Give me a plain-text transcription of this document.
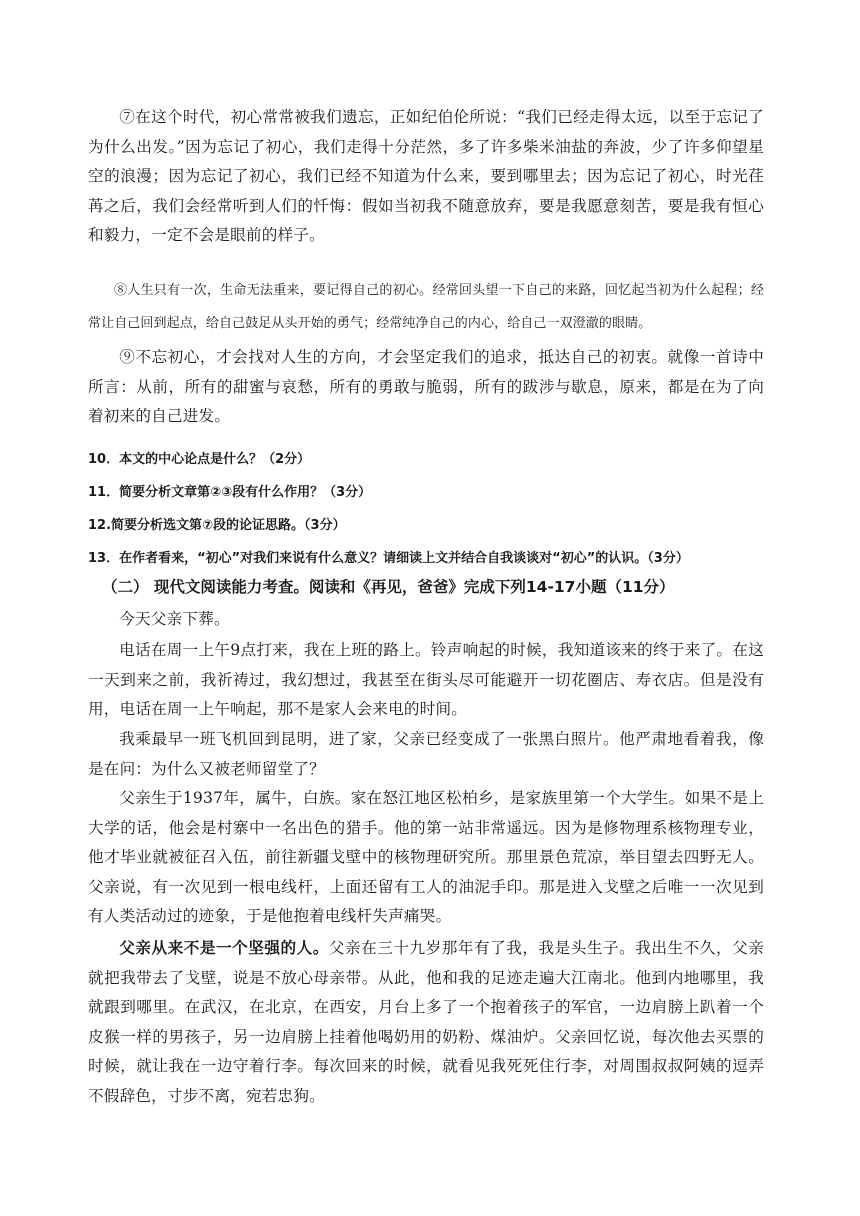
⑦在这个时代，初心常常被我们遗忘，正如纪伯伦所说：“我们已经走得太远，以至于忘记了为什么出发。”因为忘记了初心，我们走得十分茫然，多了许多柴米油盐的奔波，少了许多仰望星空的浪漫；因为忘记了初心，我们已经不知道为什么来，要到哪里去；因为忘记了初心，时光荏苒之后，我们会经常听到人们的忏悔：假如当初我不随意放弃，要是我愿意刻苦，要是我有恒心和毅力，一定不会是眼前的样子。

⑧人生只有一次，生命无法重来，要记得自己的初心。经常回头望一下自己的来路，回忆起当初为什么起程；经常让自己回到起点，给自己鼓足从头开始的勇气；经常纯净自己的内心，给自己一双澄澈的眼睛。

⑨不忘初心，才会找对人生的方向，才会坚定我们的追求，抵达自己的初衷。就像一首诗中所言：从前，所有的甜蜜与哀愁，所有的勇敢与脆弱，所有的跋涉与歇息，原来，都是在为了向着初来的自己进发。

10．本文的中心论点是什么？（2分）

11．简要分析文章第②③段有什么作用？（3分）

12.简要分析选文第⑦段的论证思路。（3分）

13．在作者看来，“初心”对我们来说有什么意义？请细读上文并结合自我谈谈对“初心”的认识。（3分）

（二） 现代文阅读能力考查。阅读和《再见，爸爸》完成下列14-17小题（11分）

今天父亲下葬。

电话在周一上午9点打来，我在上班的路上。铃声响起的时候，我知道该来的终于来了。在这一天到来之前，我祈祷过，我幻想过，我甚至在街头尽可能避开一切花圈店、寿衣店。但是没有用，电话在周一上午响起，那不是家人会来电的时间。

我乘最早一班飞机回到昆明，进了家，父亲已经变成了一张黑白照片。他严肃地看着我，像是在问：为什么又被老师留堂了？

父亲生于1937年，属牛，白族。家在怒江地区松柏乡，是家族里第一个大学生。如果不是上大学的话，他会是村寨中一名出色的猎手。他的第一站非常遥远。因为是修物理系核物理专业，他才毕业就被征召入伍，前往新疆戈壁中的核物理研究所。那里景色荒凉，举目望去四野无人。父亲说，有一次见到一根电线杆，上面还留有工人的油泥手印。那是进入戈壁之后唯一一次见到有人类活动过的迹象，于是他抱着电线杆失声痛哭。

父亲从来不是一个坚强的人。父亲在三十九岁那年有了我，我是头生子。我出生不久，父亲就把我带去了戈壁，说是不放心母亲带。从此，他和我的足迹走遍大江南北。他到内地哪里，我就跟到哪里。在武汉，在北京，在西安，月台上多了一个抱着孩子的军官，一边肩膀上趴着一个皮猴一样的男孩子，另一边肩膀上挂着他喝奶用的奶粉、煤油炉。父亲回忆说，每次他去买票的时候，就让我在一边守着行李。每次回来的时候，就看见我死死住行李，对周围叔叔阿姨的逗弄不假辞色，寸步不离，宛若忠狗。
